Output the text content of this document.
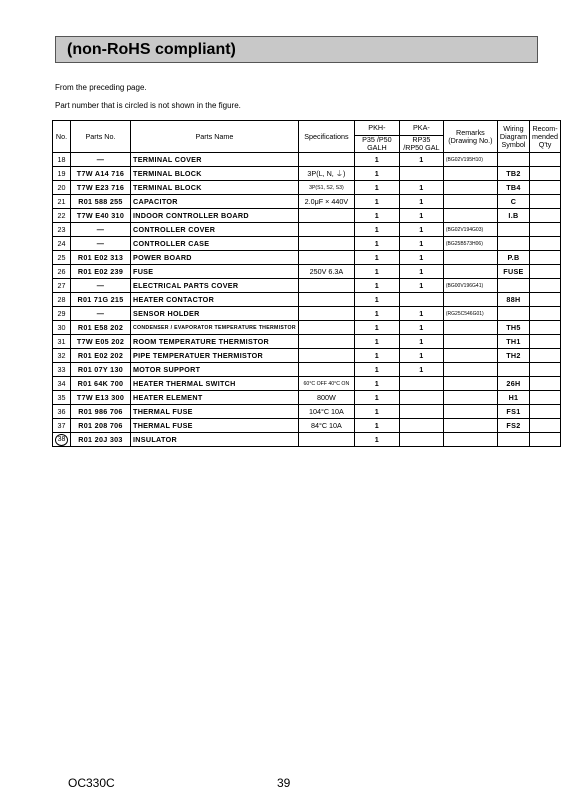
(non-RoHS compliant)
From the preceding page.
Part number that is circled is not shown in the figure.
No.	Parts No.	Parts Name	Specifications	PKH-	PKA-	Remarks (Drawing No.)	Wiring Diagram Symbol	Recom- mended Q'ty
				P35 /P50 GALH	RP35 /RP50 GAL			
18	—	TERMINAL COVER		1	1	(BG02V195H10)		
19	T7W A14 716	TERMINAL BLOCK	3P(L, N, ⏚)	1			TB2	
20	T7W E23 716	TERMINAL BLOCK	3P(S1, S2, S3)	1	1		TB4	
21	R01 588 255	CAPACITOR	2.0μF × 440V	1	1		C	
22	T7W E40 310	INDOOR CONTROLLER BOARD		1	1		I.B	
23	—	CONTROLLER COVER		1	1	(BG02V194G03)		
24	—	CONTROLLER CASE		1	1	(BG25B573H06)		
25	R01 E02 313	POWER BOARD		1	1		P.B	
26	R01 E02 239	FUSE	250V 6.3A	1	1		FUSE	
27	—	ELECTRICAL PARTS COVER		1	1	(BG00V196G41)		
28	R01 71G 215	HEATER CONTACTOR		1			88H	
29	—	SENSOR HOLDER		1	1	(RG25C546G01)		
30	R01 E58 202	CONDENSER / EVAPORATOR TEMPERATURE THERMISTOR		1	1		TH5	
31	T7W E05 202	ROOM TEMPERATURE THERMISTOR		1	1		TH1	
32	R01 E02 202	PIPE TEMPERATUER THERMISTOR		1	1		TH2	
33	R01 07Y 130	MOTOR SUPPORT		1	1			
34	R01 64K 700	HEATER THERMAL SWITCH	60°C OFF 40°C ON	1			26H	
35	T7W E13 300	HEATER ELEMENT	800W	1			H1	
36	R01 986 706	THERMAL FUSE	104°C 10A	1			FS1	
37	R01 208 706	THERMAL FUSE	84°C 10A	1			FS2	
38	R01 20J 303	INSULATOR		1				
OC330C	39
